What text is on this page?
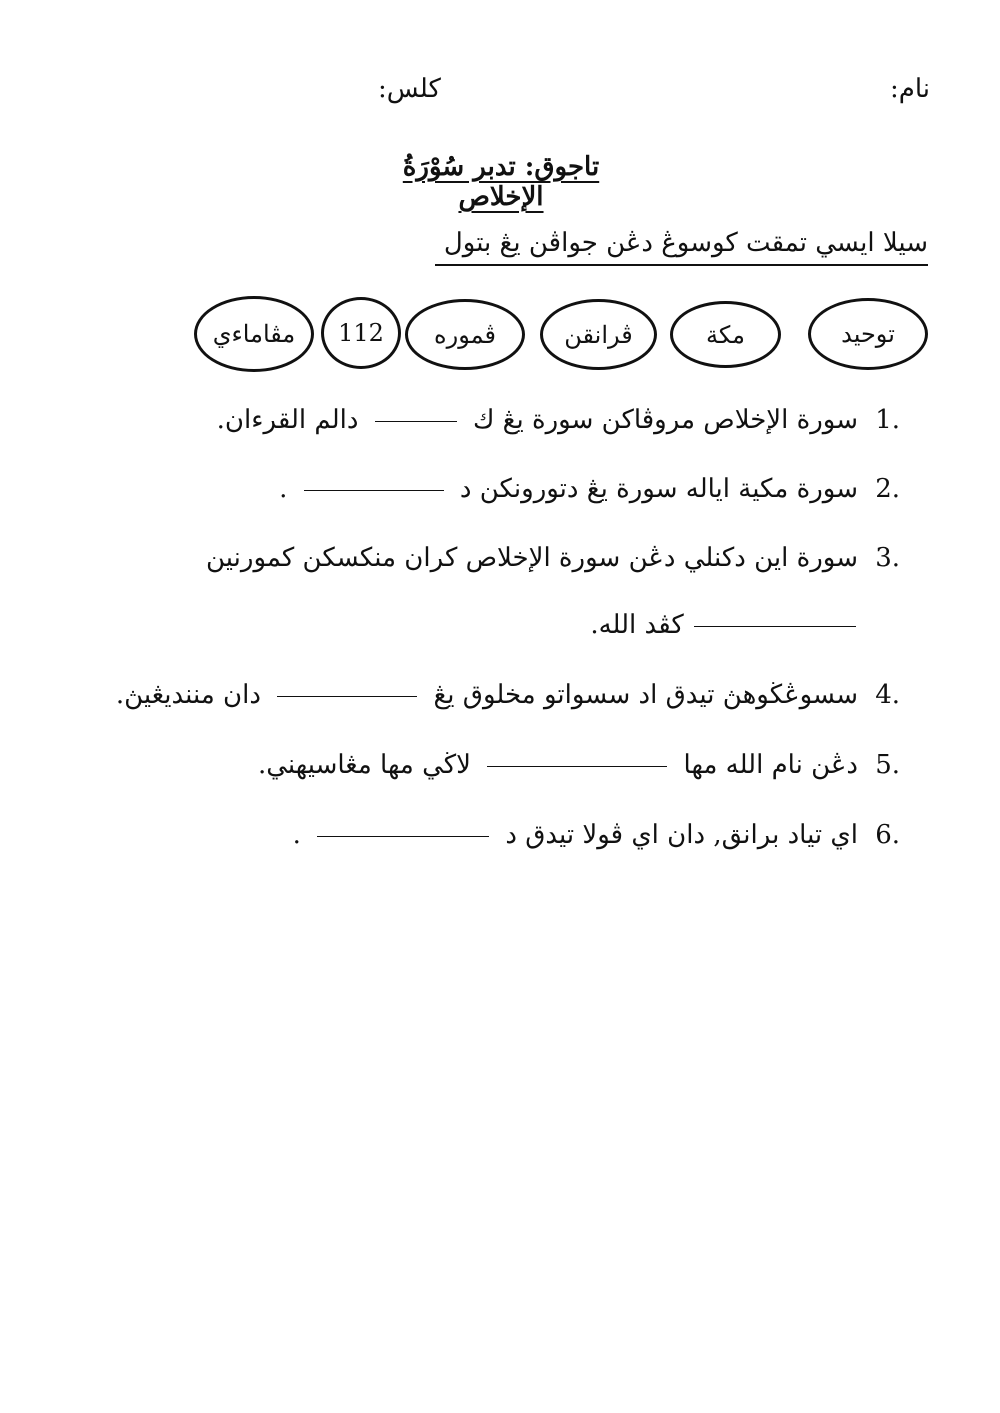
نام:
كلس:
تاجوق: تدبر سُوْرَةُ الإخلاص
سيلا ايسي تمقت كوسوڠ دڠن جواڤن يڠ بتول
توحيد
مكة
ڤرانقن
ڤموره
112
مڤاماءي
1.
سورة الإخلاص مروڤاكن سورة يڠ ك  دالم القرءان.
2.
سورة مكية اياله سورة يڠ دتورونكن د  .
3.
سورة اين دكنلي دڠن سورة الإخلاص كران منكسكن كمورنين
كڤد الله.
4.
سسوڠڬوهڽ تيدق اد سسواتو مخلوق يڠ  دان منندیڠيڽ.
5.
دڠن نام الله مها  لاڬي مها مڠاسيهني.
6.
اي تياد برانق, دان اي ڤولا تيدق د  .
